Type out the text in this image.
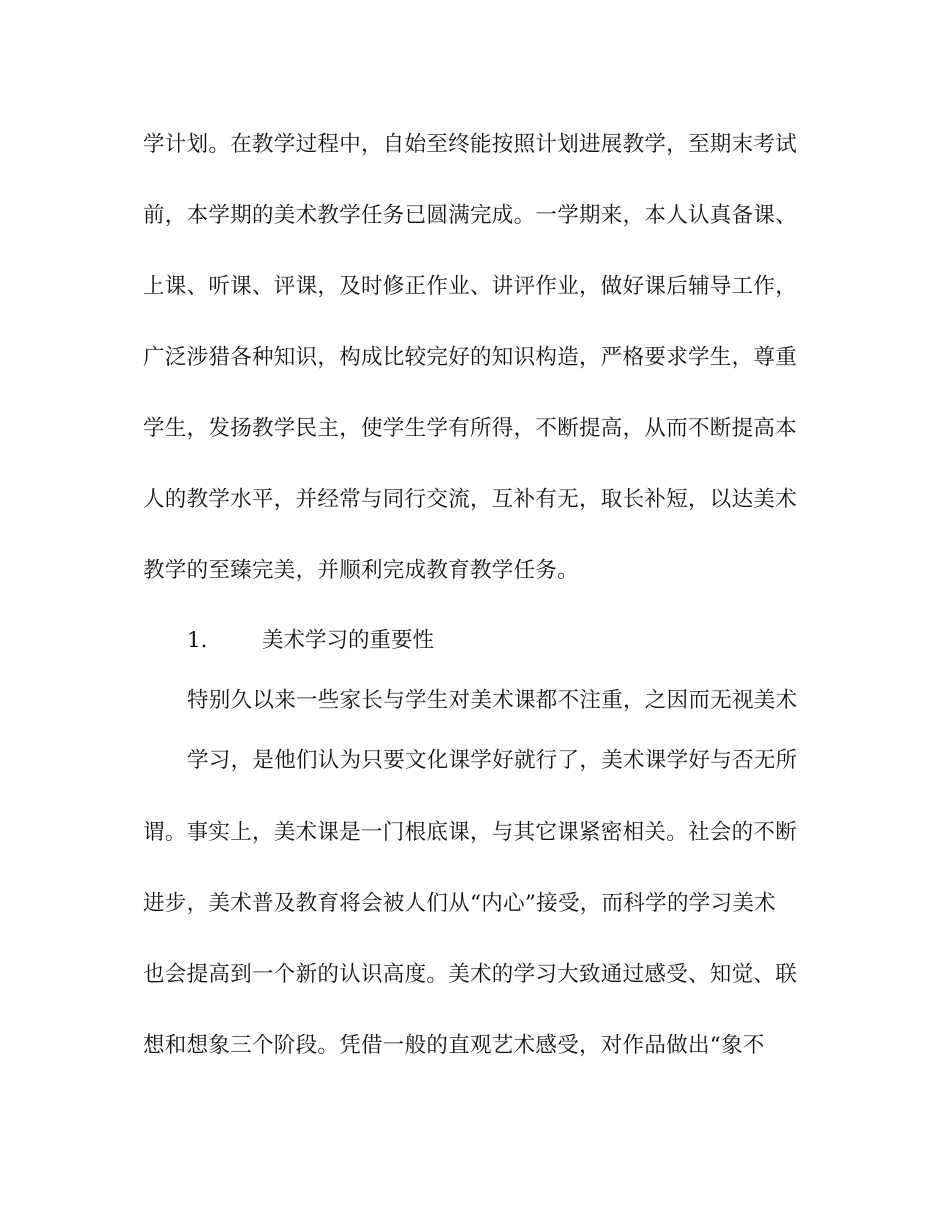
学计划。在教学过程中，自始至终能按照计划进展教学，至期末考试
前，本学期的美术教学任务已圆满完成。一学期来，本人认真备课、
上课、听课、评课，及时修正作业、讲评作业，做好课后辅导工作，
广泛涉猎各种知识，构成比较完好的知识构造，严格要求学生，尊重
学生，发扬教学民主，使学生学有所得，不断提高，从而不断提高本
人的教学水平，并经常与同行交流，互补有无，取长补短，以达美术
教学的至臻完美，并顺利完成教育教学任务。
1.	美术学习的重要性
特别久以来一些家长与学生对美术课都不注重，之因而无视美术
学习，是他们认为只要文化课学好就行了，美术课学好与否无所
谓。事实上，美术课是一门根底课，与其它课紧密相关。社会的不断
进步，美术普及教育将会被人们从“内心”接受，而科学的学习美术
也会提高到一个新的认识高度。美术的学习大致通过感受、知觉、联
想和想象三个阶段。凭借一般的直观艺术感受，对作品做出“象不
